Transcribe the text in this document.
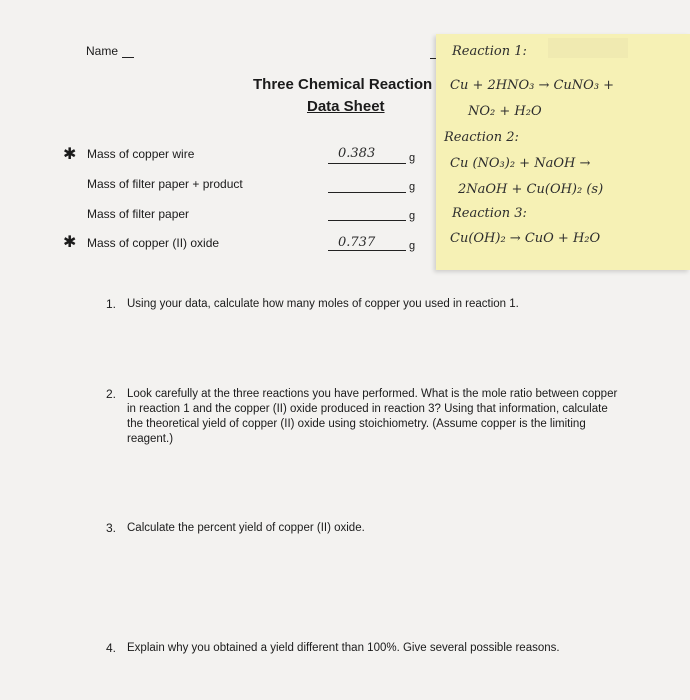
Name
Three Chemical Reaction
Data Sheet
✱ Mass of copper wire	0.383	g
Mass of filter paper + product	g
Mass of filter paper	g
✱ Mass of copper (II) oxide	0.737	g
Reaction 1:
Cu + 2HNO₃ → CuNO₃ +
NO₂ + H₂O
Reaction 2:
Cu (NO₃)₂ + NaOH →
2NaOH + Cu(OH)₂ (s)
Reaction 3:
Cu(OH)₂ → CuO + H₂O
1. Using your data, calculate how many moles of copper you used in reaction 1.
2. Look carefully at the three reactions you have performed. What is the mole ratio between copper in reaction 1 and the copper (II) oxide produced in reaction 3? Using that information, calculate the theoretical yield of copper (II) oxide using stoichiometry. (Assume copper is the limiting reagent.)
3. Calculate the percent yield of copper (II) oxide.
4. Explain why you obtained a yield different than 100%. Give several possible reasons.
